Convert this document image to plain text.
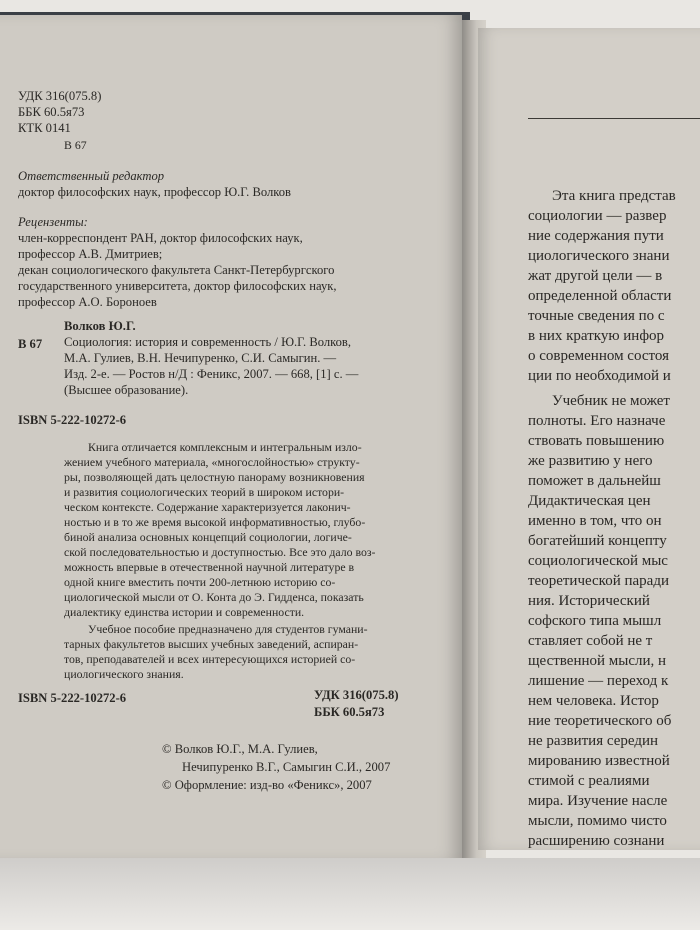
УДК 316(075.8)
ББК 60.5я73
КТК 0141
В 67
Ответственный редактор
доктор философских наук, профессор Ю.Г. Волков
Рецензенты:
член-корреспондент РАН, доктор философских наук,
профессор А.В. Дмитриев;
декан социологического факультета Санкт-Петербургского
государственного университета, доктор философских наук,
профессор А.О. Бороноев
Волков Ю.Г.
В 67 Социология: история и современность / Ю.Г. Волков,
М.А. Гулиев, В.Н. Нечипуренко, С.И. Самыгин. —
Изд. 2-е. — Ростов н/Д : Феникс, 2007. — 668, [1] с. —
(Высшее образование).
ISBN 5-222-10272-6
Книга отличается комплексным и интегральным изло-
жением учебного материала, «многослойностью» структу-
ры, позволяющей дать целостную панораму возникновения
и развития социологических теорий в широком истори-
ческом контексте. Содержание характеризуется лаконич-
ностью и в то же время высокой информативностью, глубо-
биной анализа основных концепций социологии, логиче-
ской последовательностью и доступностью. Все это дало воз-
можность впервые в отечественной научной литературе в
одной книге вместить почти 200-летнюю историю со-
циологической мысли от О. Конта до Э. Гидденса, показать
диалектику единства истории и современности.
Учебное пособие предназначено для студентов гумани-
тарных факультетов высших учебных заведений, аспиран-
тов, преподавателей и всех интересующихся историей со-
циологического знания.
ISBN 5-222-10272-6	УДК 316(075.8)
ББК 60.5я73
© Волков Ю.Г., М.А. Гулиев,
Нечипуренко В.Г., Самыгин С.И., 2007
© Оформление: изд-во «Феникс», 2007
Эта книга представ
социологии — развер
ние содержания пути
циологического знани
жат другой цели — в
определенной области
точные сведения по с
в них краткую инфор
о современном состоя
ции по необходимой и
Учебник не может
полноты. Его назначе
ствовать повышению
же развитию у него
поможет в дальнейш
Дидактическая цен
именно в том, что он
богатейший концепту
социологической мыс
теоретической паради
ния. Исторический
софского типа мышл
ставляет собой не т
щественной мысли, н
лишение — переход к
нем человека. Истор
ние теоретического об
не развития середин
мированию известной
стимой с реалиями
мира. Изучение насле
мысли, помимо чисто
расширению сознани
